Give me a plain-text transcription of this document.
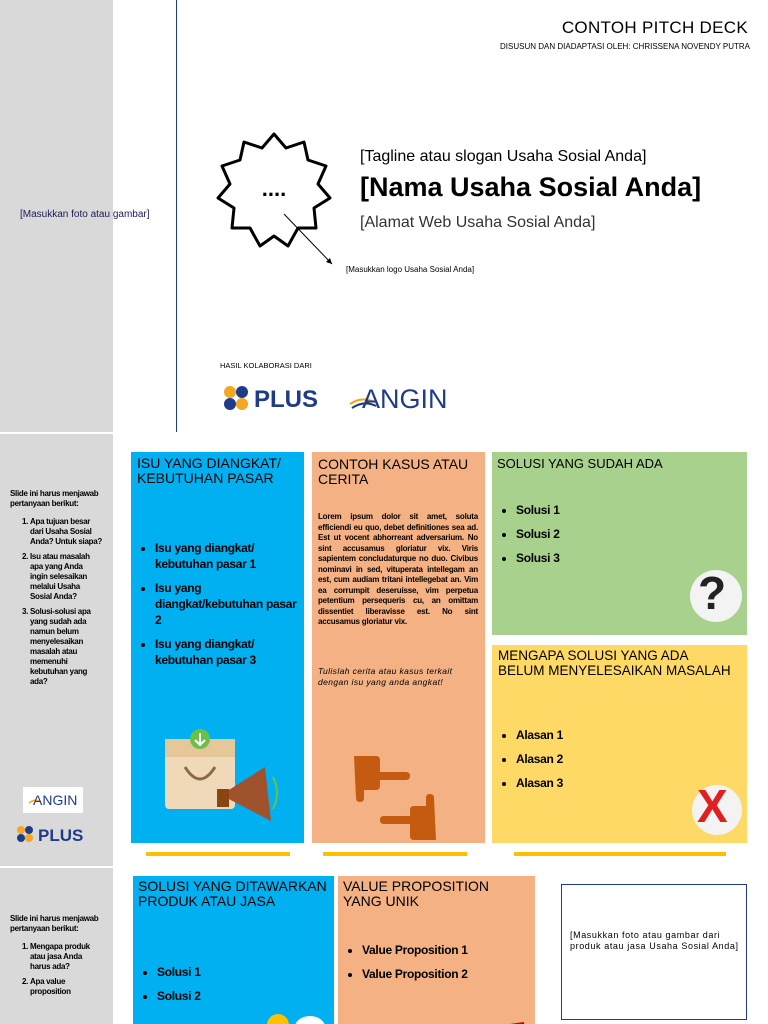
[Masukkan foto atau gambar]
CONTOH PITCH DECK
DISUSUN DAN DIADAPTASI OLEH: CHRISSENA NOVENDY PUTRA
....
[Masukkan logo Usaha Sosial Anda]
[Tagline atau slogan Usaha Sosial Anda]
[Nama Usaha Sosial Anda]
[Alamat Web Usaha Sosial Anda]
HASIL KOLABORASI DARI
PLUS ANGIN
Slide ini harus menjawab pertanyaan berikut:
1. Apa tujuan besar dari Usaha Sosial Anda? Untuk siapa?
2. Isu atau masalah apa yang Anda ingin selesaikan melalui Usaha Sosial Anda?
3. Solusi-solusi apa yang sudah ada namun belum menyelesaikan masalah atau memenuhi kebutuhan yang ada?
ANGIN
PLUS
ISU YANG DIANGKAT/ KEBUTUHAN PASAR
• Isu yang diangkat/ kebutuhan pasar 1
• Isu yang diangkat/kebutuhan pasar 2
• Isu yang diangkat/ kebutuhan pasar 3
CONTOH KASUS ATAU CERITA
Lorem ipsum dolor sit amet, soluta efficiendi eu quo, debet definitiones sea ad. Est ut vocent abhorreant adversarium. No sint accusamus gloriatur vix. Viris sapientem concludaturque no duo. Civibus nominavi in sed, vituperata intellegam an est, cum audiam tritani intellegebat an. Vim ea corrumpit deseruisse, vim perpetua petentium persequeris cu, an omittam dissentiet liberavisse est. No sint accusamus gloriatur vix.
Tulislah cerita atau kasus terkait dengan isu yang anda angkat!
SOLUSI YANG SUDAH ADA
• Solusi 1
• Solusi 2
• Solusi 3
?
MENGAPA SOLUSI YANG ADA BELUM MENYELESAIKAN MASALAH
• Alasan 1
• Alasan 2
• Alasan 3	X
Slide ini harus menjawab pertanyaan berikut:
1. Mengapa produk atau jasa Anda harus ada?
2. Apa value proposition
SOLUSI YANG DITAWARKAN PRODUK ATAU JASA
• Solusi 1
• Solusi 2
VALUE PROPOSITION YANG UNIK
• Value Proposition 1
• Value Proposition 2
[Masukkan foto atau gambar dari produk atau jasa Usaha Sosial Anda]
